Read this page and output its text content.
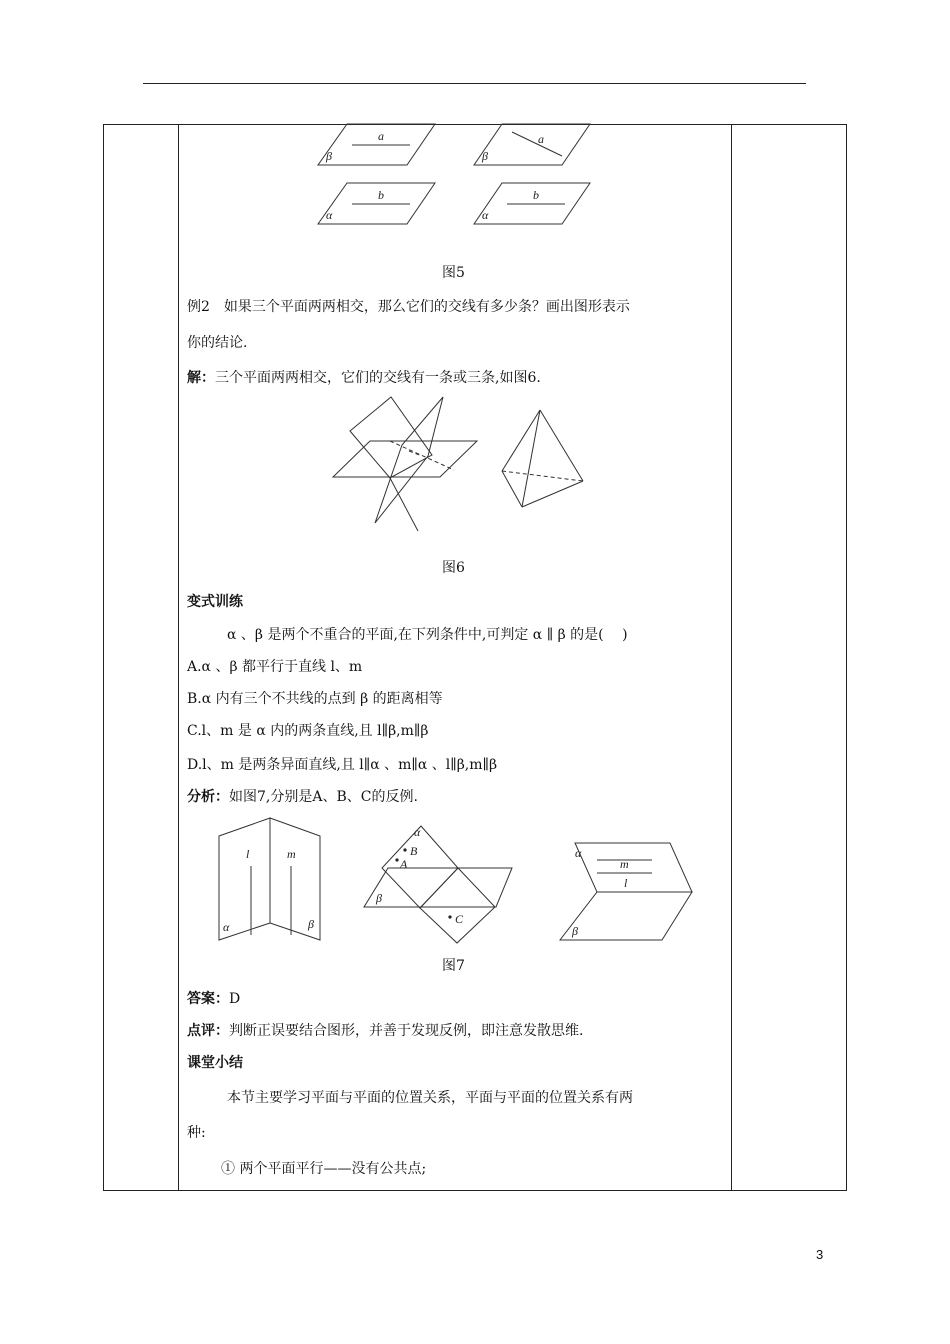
a
β
b
α
a
β
b
α
l	m
α	β
α
B
A
β
C
α
m
l
β
图5
例2 如果三个平面两两相交，那么它们的交线有多少条？画出图形表示
你的结论.
解：三个平面两两相交，它们的交线有一条或三条,如图6.
图6
变式训练
α 、β 是两个不重合的平面,在下列条件中,可判定 α ∥ β 的是(　 )
A.α 、β 都平行于直线 l、m
B.α 内有三个不共线的点到 β 的距离相等
C.l、m 是 α 内的两条直线,且 l∥β,m∥β
D.l、m 是两条异面直线,且 l∥α 、m∥α 、l∥β,m∥β
分析：如图7,分别是A、B、C的反例.
图7
答案：D
点评：判断正误要结合图形，并善于发现反例，即注意发散思维.
课堂小结
本节主要学习平面与平面的位置关系，平面与平面的位置关系有两
种:
① 两个平面平行——没有公共点;
3
